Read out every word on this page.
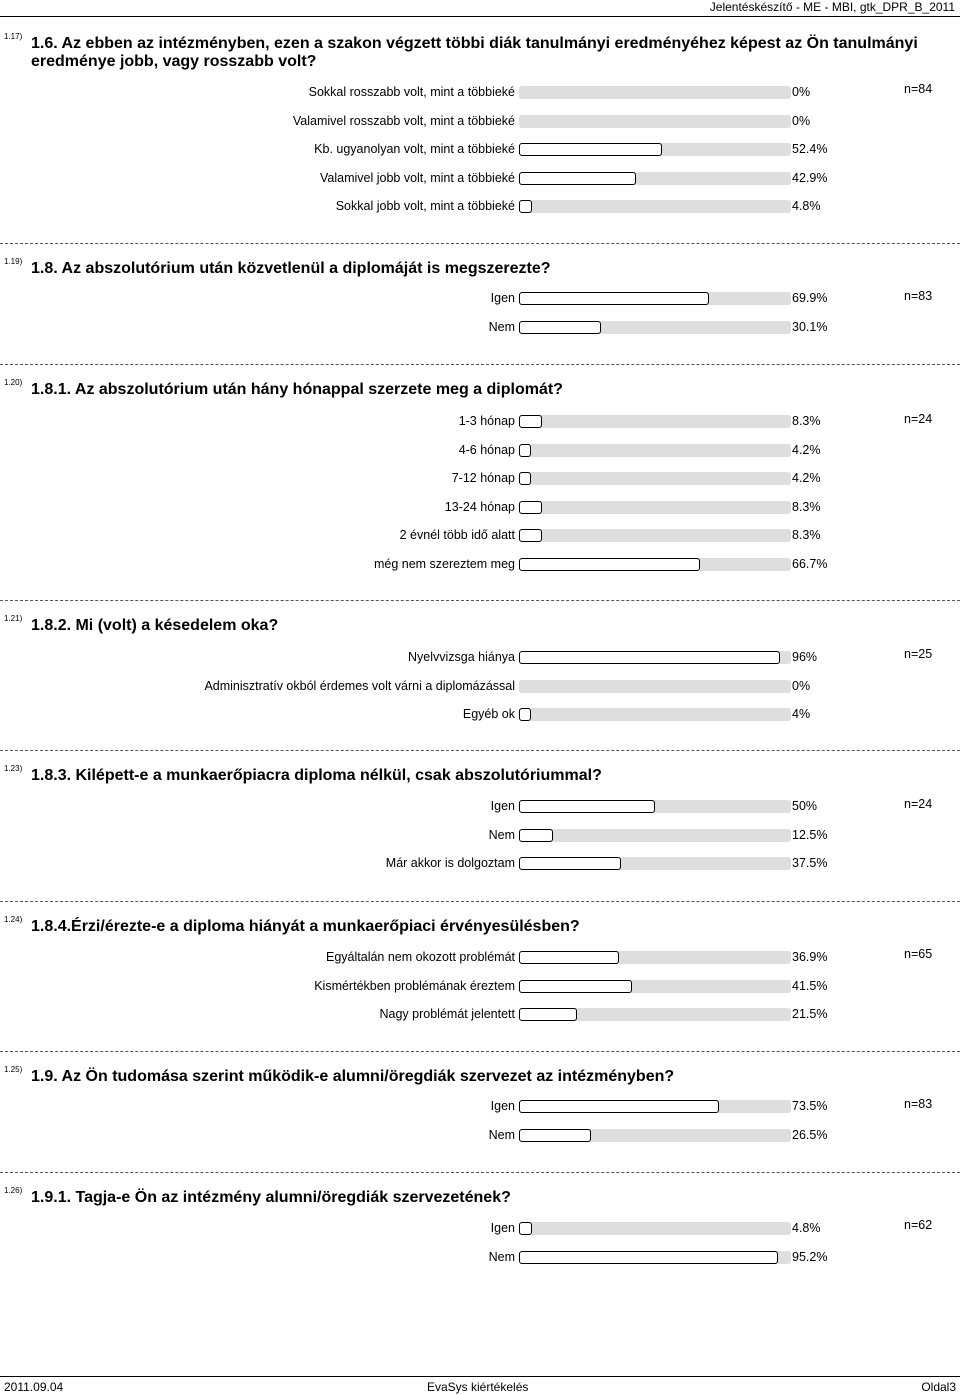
Jelentéskészítő - ME - MBI, gtk_DPR_B_2011
1.17) 1.6. Az ebben az intézményben, ezen a szakon végzett többi diák tanulmányi eredményéhez képest az Ön tanulmányi eredménye jobb, vagy rosszabb volt?
n=84
Sokkal rosszabb volt, mint a többieké	0%
Valamivel rosszabb volt, mint a többieké	0%
Kb. ugyanolyan volt, mint a többieké	52.4%
Valamivel jobb volt, mint a többieké	42.9%
Sokkal jobb volt, mint a többieké	4.8%
1.19) 1.8. Az abszolutórium után közvetlenül a diplomáját is megszerezte?
n=83
Igen	69.9%
Nem	30.1%
1.20) 1.8.1. Az abszolutórium után hány hónappal szerzete meg a diplomát?
n=24
1-3 hónap	8.3%
4-6 hónap	4.2%
7-12 hónap	4.2%
13-24 hónap	8.3%
2 évnél több idő alatt	8.3%
még nem szereztem meg	66.7%
1.21) 1.8.2. Mi (volt) a késedelem oka?
n=25
Nyelvvizsga hiánya	96%
Adminisztratív okból érdemes volt várni a diplomázással	0%
Egyéb ok	4%
1.23) 1.8.3. Kilépett-e a munkaerőpiacra diploma nélkül, csak abszolutóriummal?
n=24
Igen	50%
Nem	12.5%
Már akkor is dolgoztam	37.5%
1.24) 1.8.4.Érzi/érezte-e a diploma hiányát a munkaerőpiaci érvényesülésben?
n=65
Egyáltalán nem okozott problémát	36.9%
Kismértékben problémának éreztem	41.5%
Nagy problémát jelentett	21.5%
1.25) 1.9. Az Ön tudomása szerint működik-e alumni/öregdiák szervezet az intézményben?
n=83
Igen	73.5%
Nem	26.5%
1.26) 1.9.1. Tagja-e Ön az intézmény alumni/öregdiák szervezetének?
n=62
Igen	4.8%
Nem	95.2%
2011.09.04	EvaSys kiértékelés	Oldal3
